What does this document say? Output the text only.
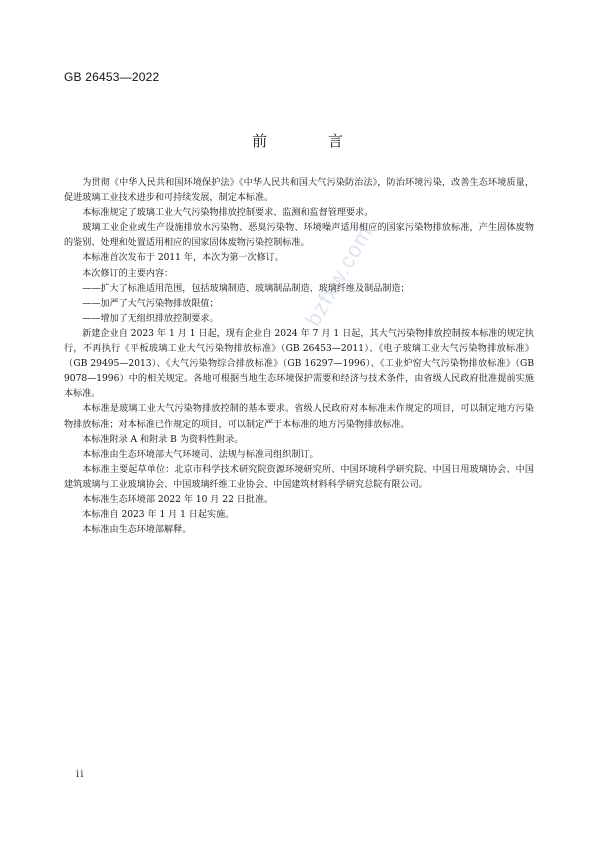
GB 26453—2022
前 言

为贯彻《中华人民共和国环境保护法》《中华人民共和国大气污染防治法》，防治环境污染，改善生态环境质量，促进玻璃工业技术进步和可持续发展，制定本标准。

本标准规定了玻璃工业大气污染物排放控制要求、监测和监督管理要求。

玻璃工业企业或生产设施排放水污染物、恶臭污染物、环境噪声适用相应的国家污染物排放标准，产生固体废物的鉴别、处理和处置适用相应的国家固体废物污染控制标准。

本标准首次发布于 2011 年，本次为第一次修订。

本次修订的主要内容：

——扩大了标准适用范围，包括玻璃制造、玻璃制品制造、玻璃纤维及制品制造；

——加严了大气污染物排放限值；

——增加了无组织排放控制要求。

新建企业自 2023 年 1 月 1 日起，现有企业自 2024 年 7 月 1 日起，其大气污染物排放控制按本标准的规定执行，不再执行《平板玻璃工业大气污染物排放标准》（GB 26453—2011）、《电子玻璃工业大气污染物排放标准》（GB 29495—2013）、《大气污染物综合排放标准》（GB 16297—1996）、《工业炉窑大气污染物排放标准》（GB 9078—1996）中的相关规定。各地可根据当地生态环境保护需要和经济与技术条件，由省级人民政府批准提前实施本标准。

本标准是玻璃工业大气污染物排放控制的基本要求。省级人民政府对本标准未作规定的项目，可以制定地方污染物排放标准；对本标准已作规定的项目，可以制定严于本标准的地方污染物排放标准。

本标准附录 A 和附录 B 为资料性附录。

本标准由生态环境部大气环境司、法规与标准司组织制订。

本标准主要起草单位：北京市科学技术研究院资源环境研究所、中国环境科学研究院、中国日用玻璃协会、中国建筑玻璃与工业玻璃协会、中国玻璃纤维工业协会、中国建筑材料科学研究总院有限公司。

本标准生态环境部 2022 年 10 月 22 日批准。

本标准自 2023 年 1 月 1 日起实施。

本标准由生态环境部解释。

bzfxw.com
ii
